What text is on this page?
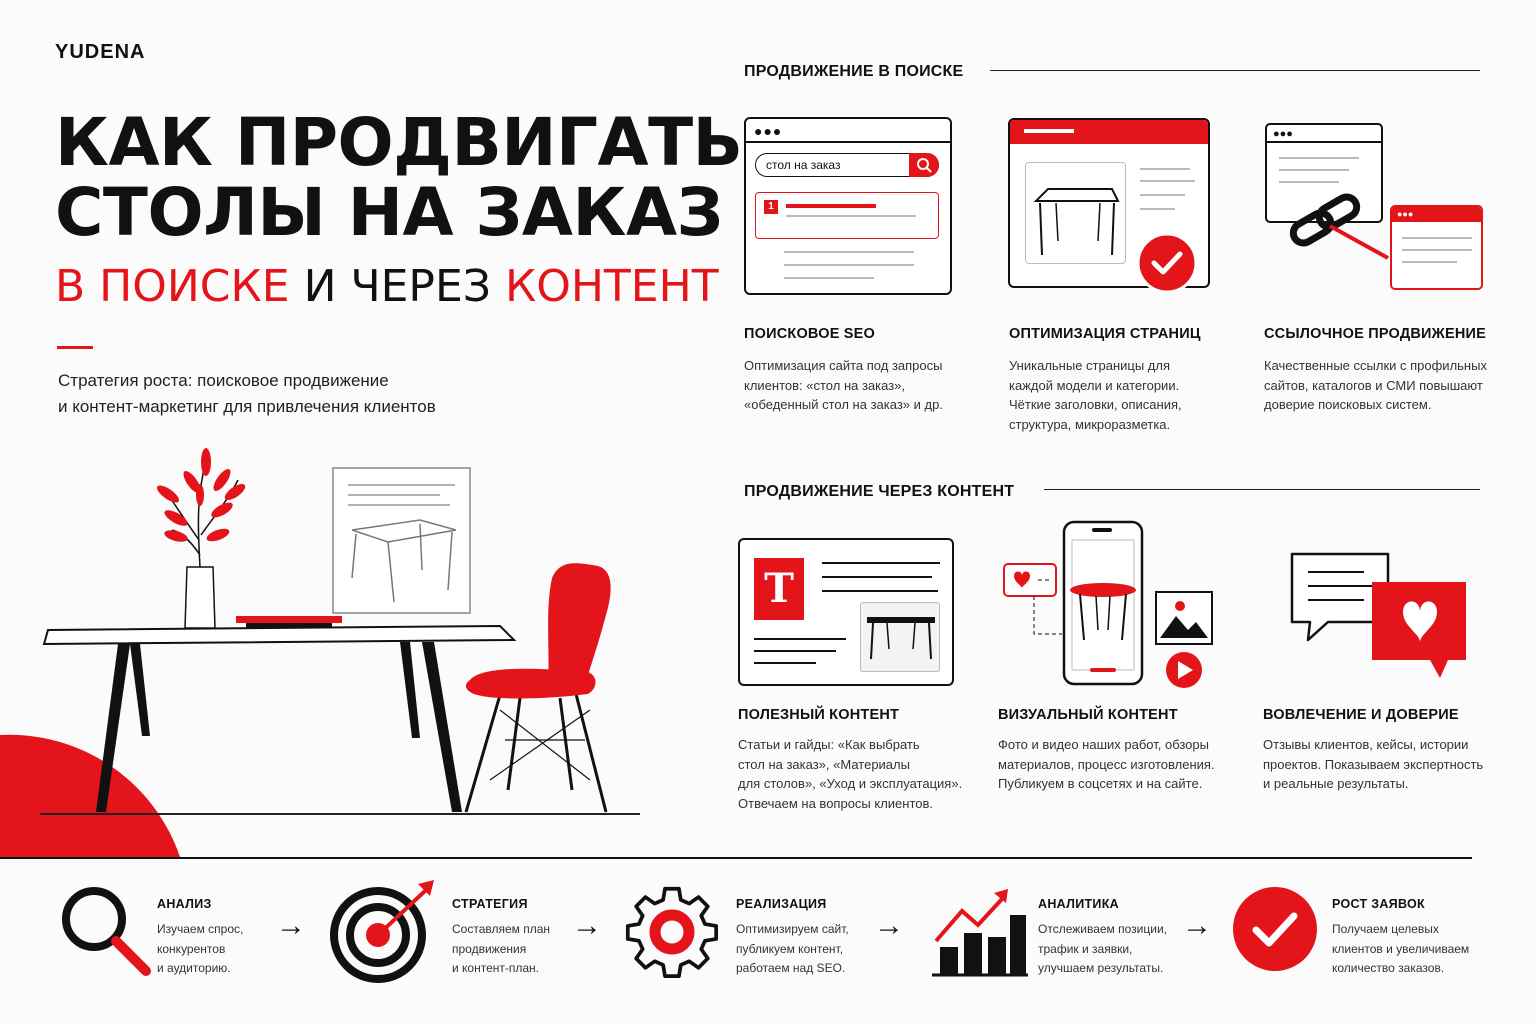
YUDENA
КАК ПРОДВИГАТЬ
СТОЛЫ НА ЗАКАЗ
В ПОИСКЕ И ЧЕРЕЗ КОНТЕНТ
Стратегия роста: поисковое продвижение
и контент-маркетинг для привлечения клиентов
ПРОДВИЖЕНИЕ В ПОИСКЕ
●●●
стол на заказ
1
●●●
●●●
ПОИСКОВОЕ SEO
Оптимизация сайта под запросы
клиентов: «стол на заказ»,
«обеденный стол на заказ» и др.
ОПТИМИЗАЦИЯ СТРАНИЦ
Уникальные страницы для
каждой модели и категории.
Чёткие заголовки, описания,
структура, микроразметка.
ССЫЛОЧНОЕ ПРОДВИЖЕНИЕ
Качественные ссылки с профильных
сайтов, каталогов и СМИ повышают
доверие поисковых систем.
ПРОДВИЖЕНИЕ ЧЕРЕЗ КОНТЕНТ
T
ПОЛЕЗНЫЙ КОНТЕНТ
Статьи и гайды: «Как выбрать
стол на заказ», «Материалы
для столов», «Уход и эксплуатация».
Отвечаем на вопросы клиентов.
ВИЗУАЛЬНЫЙ КОНТЕНТ
Фото и видео наших работ, обзоры
материалов, процесс изготовления.
Публикуем в соцсетях и на сайте.
ВОВЛЕЧЕНИЕ И ДОВЕРИЕ
Отзывы клиентов, кейсы, истории
проектов. Показываем экспертность
и реальные результаты.
АНАЛИЗ
Изучаем спрос,
конкурентов
и аудиторию.
→
СТРАТЕГИЯ
Составляем план
продвижения
и контент-план.
→
РЕАЛИЗАЦИЯ
Оптимизируем сайт,
публикуем контент,
работаем над SEO.
→
АНАЛИТИКА
Отслеживаем позиции,
трафик и заявки,
улучшаем результаты.
→
РОСТ ЗАЯВОК
Получаем целевых
клиентов и увеличиваем
количество заказов.
